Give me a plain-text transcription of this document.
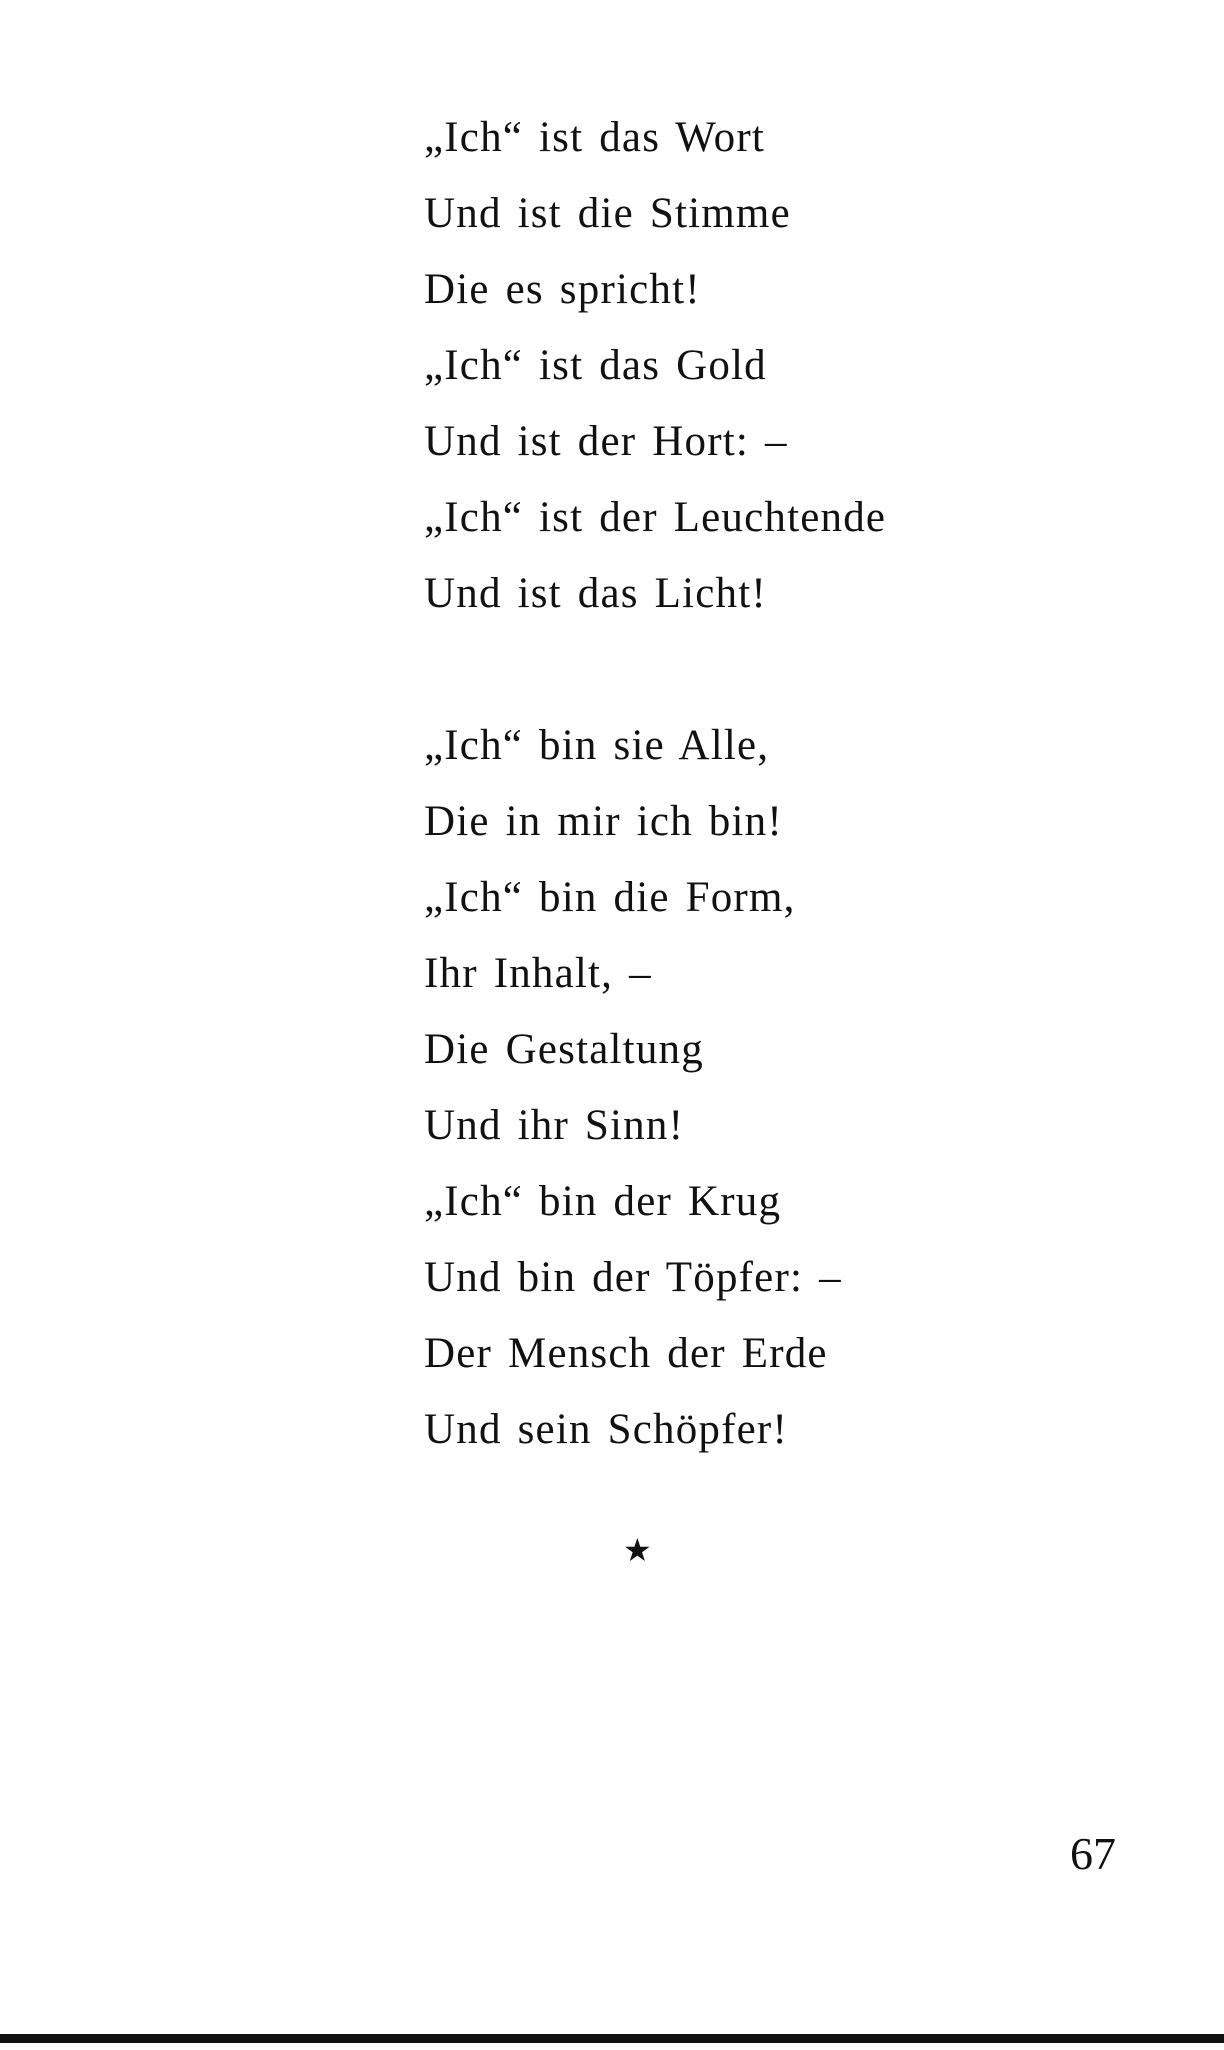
„Ich“ ist das Wort
Und ist die Stimme
Die es spricht!
„Ich“ ist das Gold
Und ist der Hort: –
„Ich“ ist der Leuchtende
Und ist das Licht!
„Ich“ bin sie Alle,
Die in mir ich bin!
„Ich“ bin die Form,
Ihr Inhalt, –
Die Gestaltung
Und ihr Sinn!
„Ich“ bin der Krug
Und bin der Töpfer: –
Der Mensch der Erde
Und sein Schöpfer!
★
67
